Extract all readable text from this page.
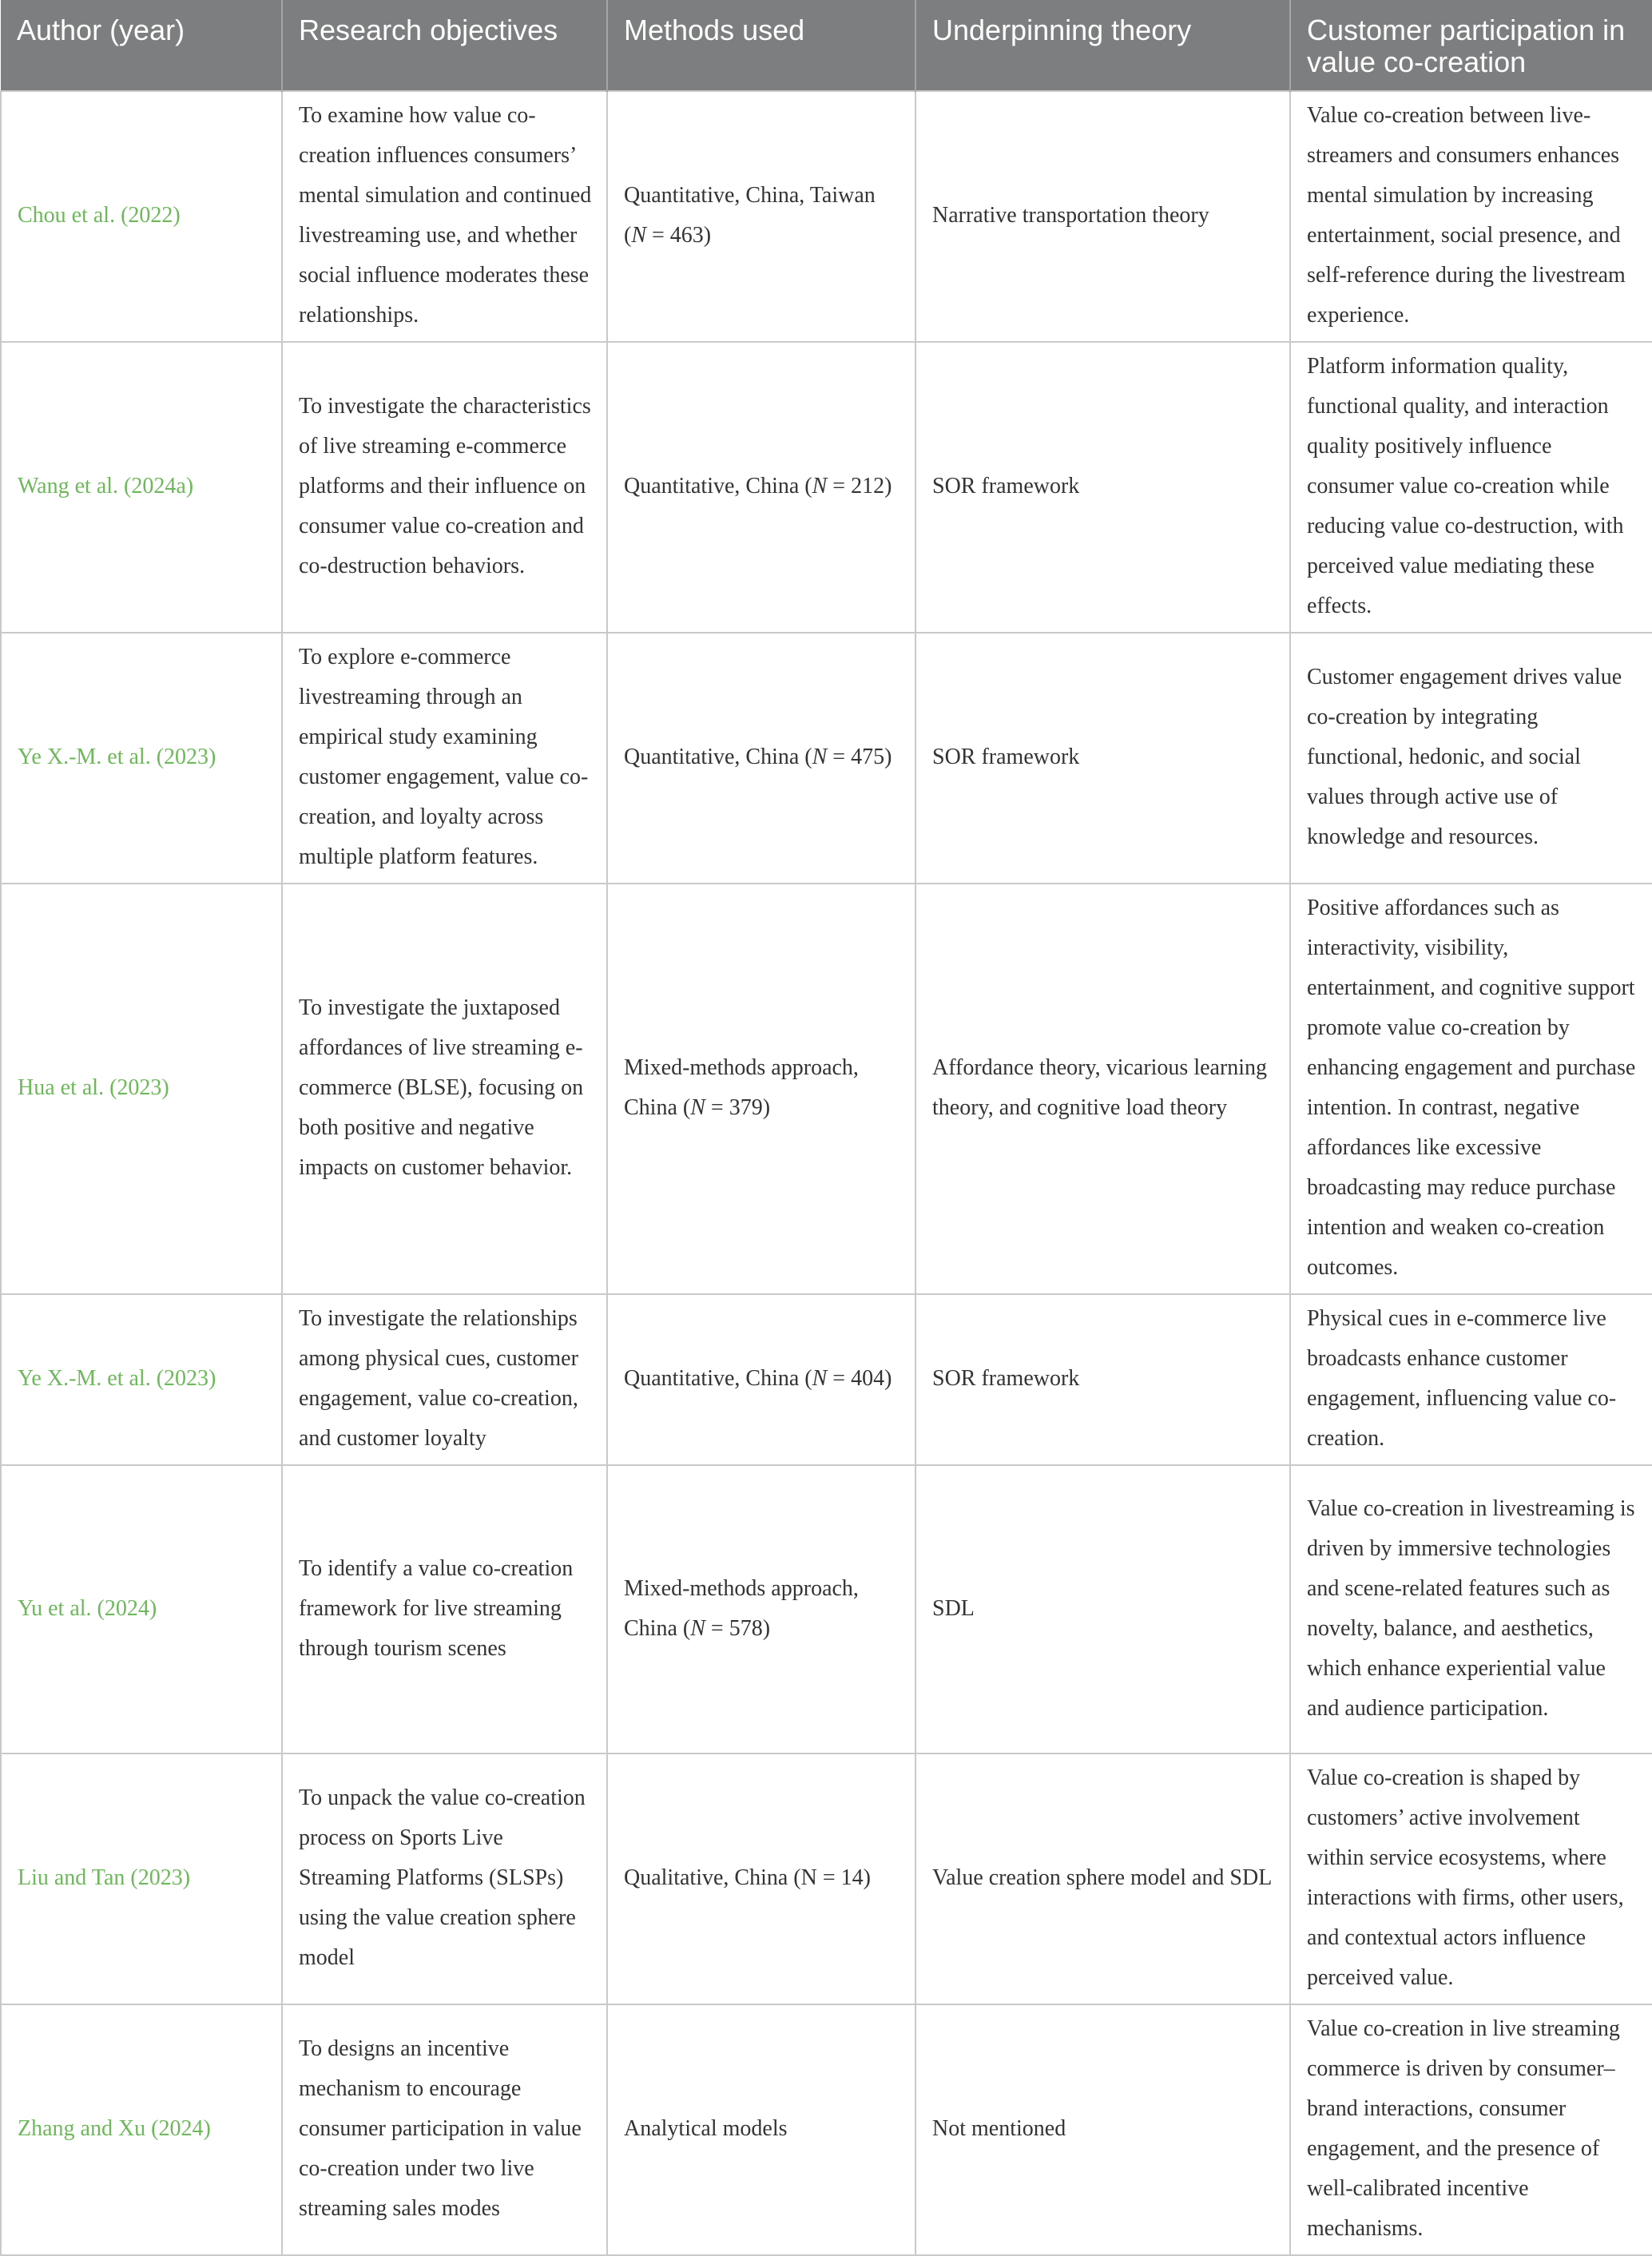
Author (year)	Research objectives	Methods used	Underpinning theory	Customer participation in value co-creation
Chou et al. (2022)	To examine how value co-creation influences consumers’ mental simulation and continued livestreaming use, and whether social influence moderates these relationships.	Quantitative, China, Taiwan (N = 463)	Narrative transportation theory	Value co-creation between live-streamers and consumers enhances mental simulation by increasing entertainment, social presence, and self-reference during the livestream experience.
Wang et al. (2024a)	To investigate the characteristics of live streaming e-commerce platforms and their influence on consumer value co-creation and co-destruction behaviors.	Quantitative, China (N = 212)	SOR framework	Platform information quality, functional quality, and interaction quality positively influence consumer value co-creation while reducing value co-destruction, with perceived value mediating these effects.
Ye X.-M. et al. (2023)	To explore e-commerce livestreaming through an empirical study examining customer engagement, value co-creation, and loyalty across multiple platform features.	Quantitative, China (N = 475)	SOR framework	Customer engagement drives value co-creation by integrating functional, hedonic, and social values through active use of knowledge and resources.
Hua et al. (2023)	To investigate the juxtaposed affordances of live streaming e-commerce (BLSE), focusing on both positive and negative impacts on customer behavior.	Mixed-methods approach, China (N = 379)	Affordance theory, vicarious learning theory, and cognitive load theory	Positive affordances such as interactivity, visibility, entertainment, and cognitive support promote value co-creation by enhancing engagement and purchase intention. In contrast, negative affordances like excessive broadcasting may reduce purchase intention and weaken co-creation outcomes.
Ye X.-M. et al. (2023)	To investigate the relationships among physical cues, customer engagement, value co-creation, and customer loyalty	Quantitative, China (N = 404)	SOR framework	Physical cues in e-commerce live broadcasts enhance customer engagement, influencing value co-creation.
Yu et al. (2024)	To identify a value co-creation framework for live streaming through tourism scenes	Mixed-methods approach, China (N = 578)	SDL	Value co-creation in livestreaming is driven by immersive technologies and scene-related features such as novelty, balance, and aesthetics, which enhance experiential value and audience participation.
Liu and Tan (2023)	To unpack the value co-creation process on Sports Live Streaming Platforms (SLSPs) using the value creation sphere model	Qualitative, China (N = 14)	Value creation sphere model and SDL	Value co-creation is shaped by customers’ active involvement within service ecosystems, where interactions with firms, other users, and contextual actors influence perceived value.
Zhang and Xu (2024)	To designs an incentive mechanism to encourage consumer participation in value co-creation under two live streaming sales modes	Analytical models	Not mentioned	Value co-creation in live streaming commerce is driven by consumer–brand interactions, consumer engagement, and the presence of well-calibrated incentive mechanisms.
